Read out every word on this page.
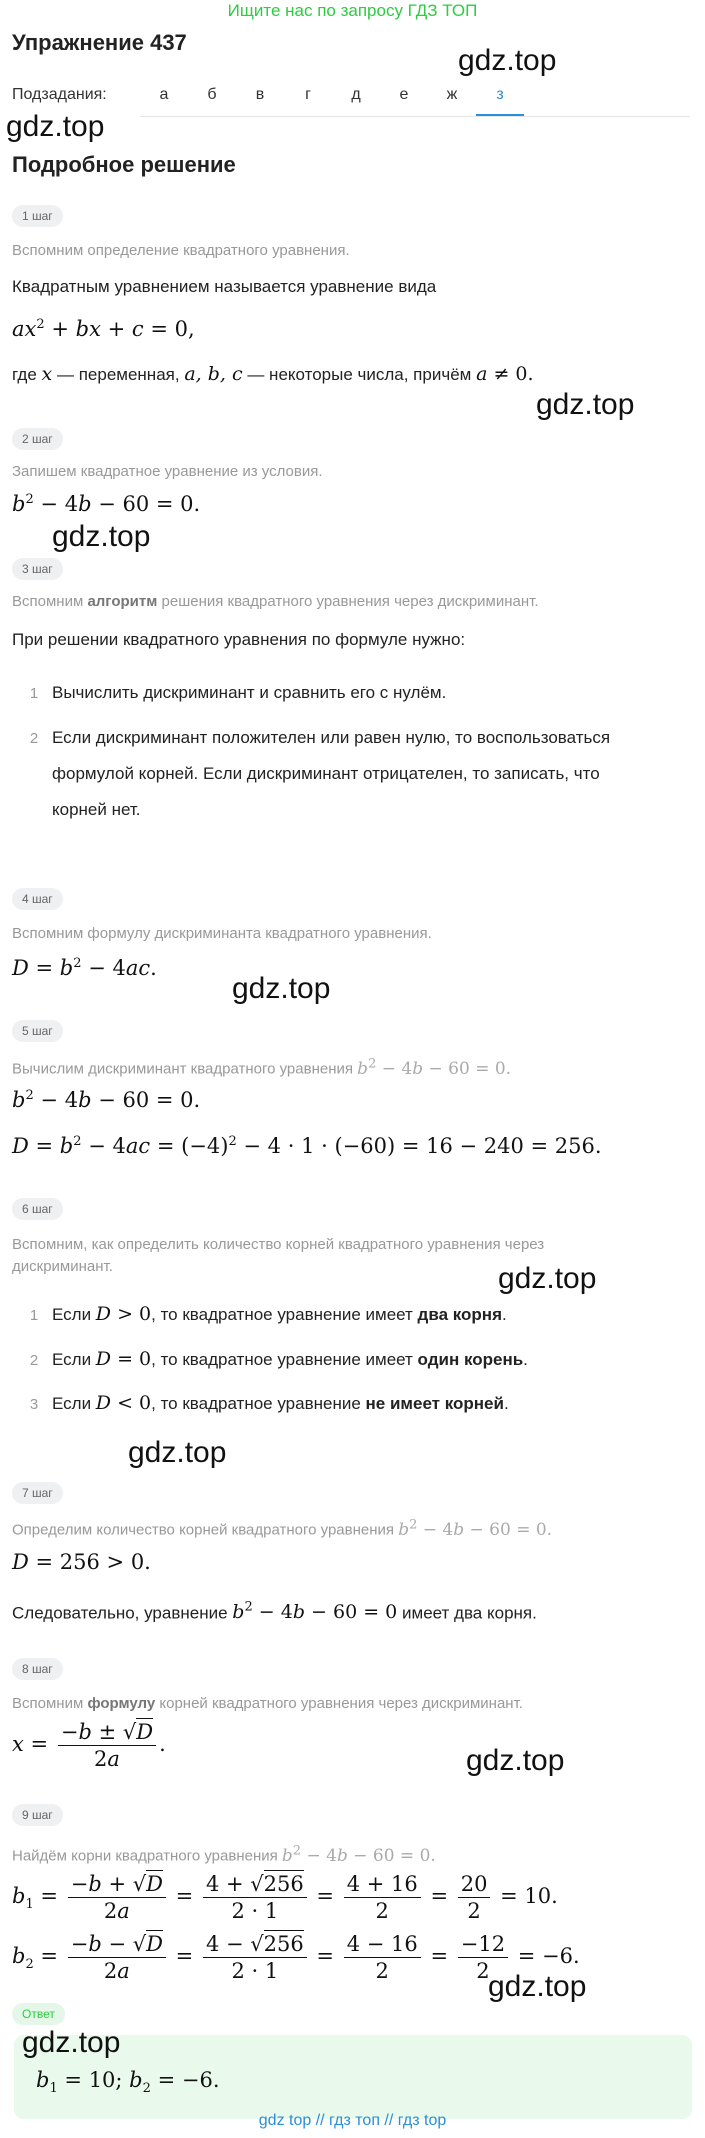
Ищите нас по запросу ГДЗ ТОП
Упражнение 437
gdz.top
Подзадания:	а	б	в	г	д	е	ж	з
gdz.top
Подробное решение
1 шаг
Вспомним определение квадратного уравнения.
Квадратным уравнением называется уравнение вида
$ax^2$ + bx + c = 0,
где x — переменная, a, b, c — некоторые числа, причём a ≠ 0.
gdz.top
2 шаг
Запишем квадратное уравнение из условия.
$b^2 - 4b - 60 = 0$.
gdz.top
3 шаг
Вспомним алгоритм решения квадратного уравнения через дискриминант.
При решении квадратного уравнения по формуле нужно:
1 Вычислить дискриминант и сравнить его с нулём.
2 Если дискриминант положителен или равен нулю, то воспользоваться
формулой корней. Если дискриминант отрицателен, то записать, что
корней нет.
4 шаг
Вспомним формулу дискриминанта квадратного уравнения.
$D = b^2 - 4ac$.
gdz.top
5 шаг
Вычислим дискриминант квадратного уравнения $b^2 - 4b - 60 = 0$.
$b^2 - 4b - 60 = 0$.
$D = b^2 - 4ac = (-4)^2 - 4 \cdot 1 \cdot (-60) = 16 - 240 = 256$.
6 шаг
Вспомним, как определить количество корней квадратного уравнения через
дискриминант.	gdz.top
1 Если D > 0, то квадратное уравнение имеет два корня.
2 Если D = 0, то квадратное уравнение имеет один корень.
3 Если D < 0, то квадратное уравнение не имеет корней.
gdz.top
7 шаг
Определим количество корней квадратного уравнения $b^2 - 4b - 60 = 0$.
D = 256 > 0.
Следовательно, уравнение $b^2 - 4b - 60 = 0$ имеет два корня.
8 шаг
Вспомним формулу корней квадратного уравнения через дискриминант.
$x = \frac{-b \pm √D}{2a}$ .	gdz.top
9 шаг
Найдём корни квадратного уравнения $b^2 - 4b - 60 = 0$.
$b_1 = \frac{-b + √D}{2a} = \frac{4 + √256}{2 \cdot 1} = \frac{4 + 16}{2} = \frac{20}{2} = 10$.
$b_2 = \frac{-b - √D}{2a} = \frac{4 - √256}{2 \cdot 1} = \frac{4 - 16}{2} = \frac{-12}{2} = -6$.
gdz.top
Ответ
gdz.top
$b_1 = 10$; $b_2 = -6$.
gdz top // гдз топ // гдз top
